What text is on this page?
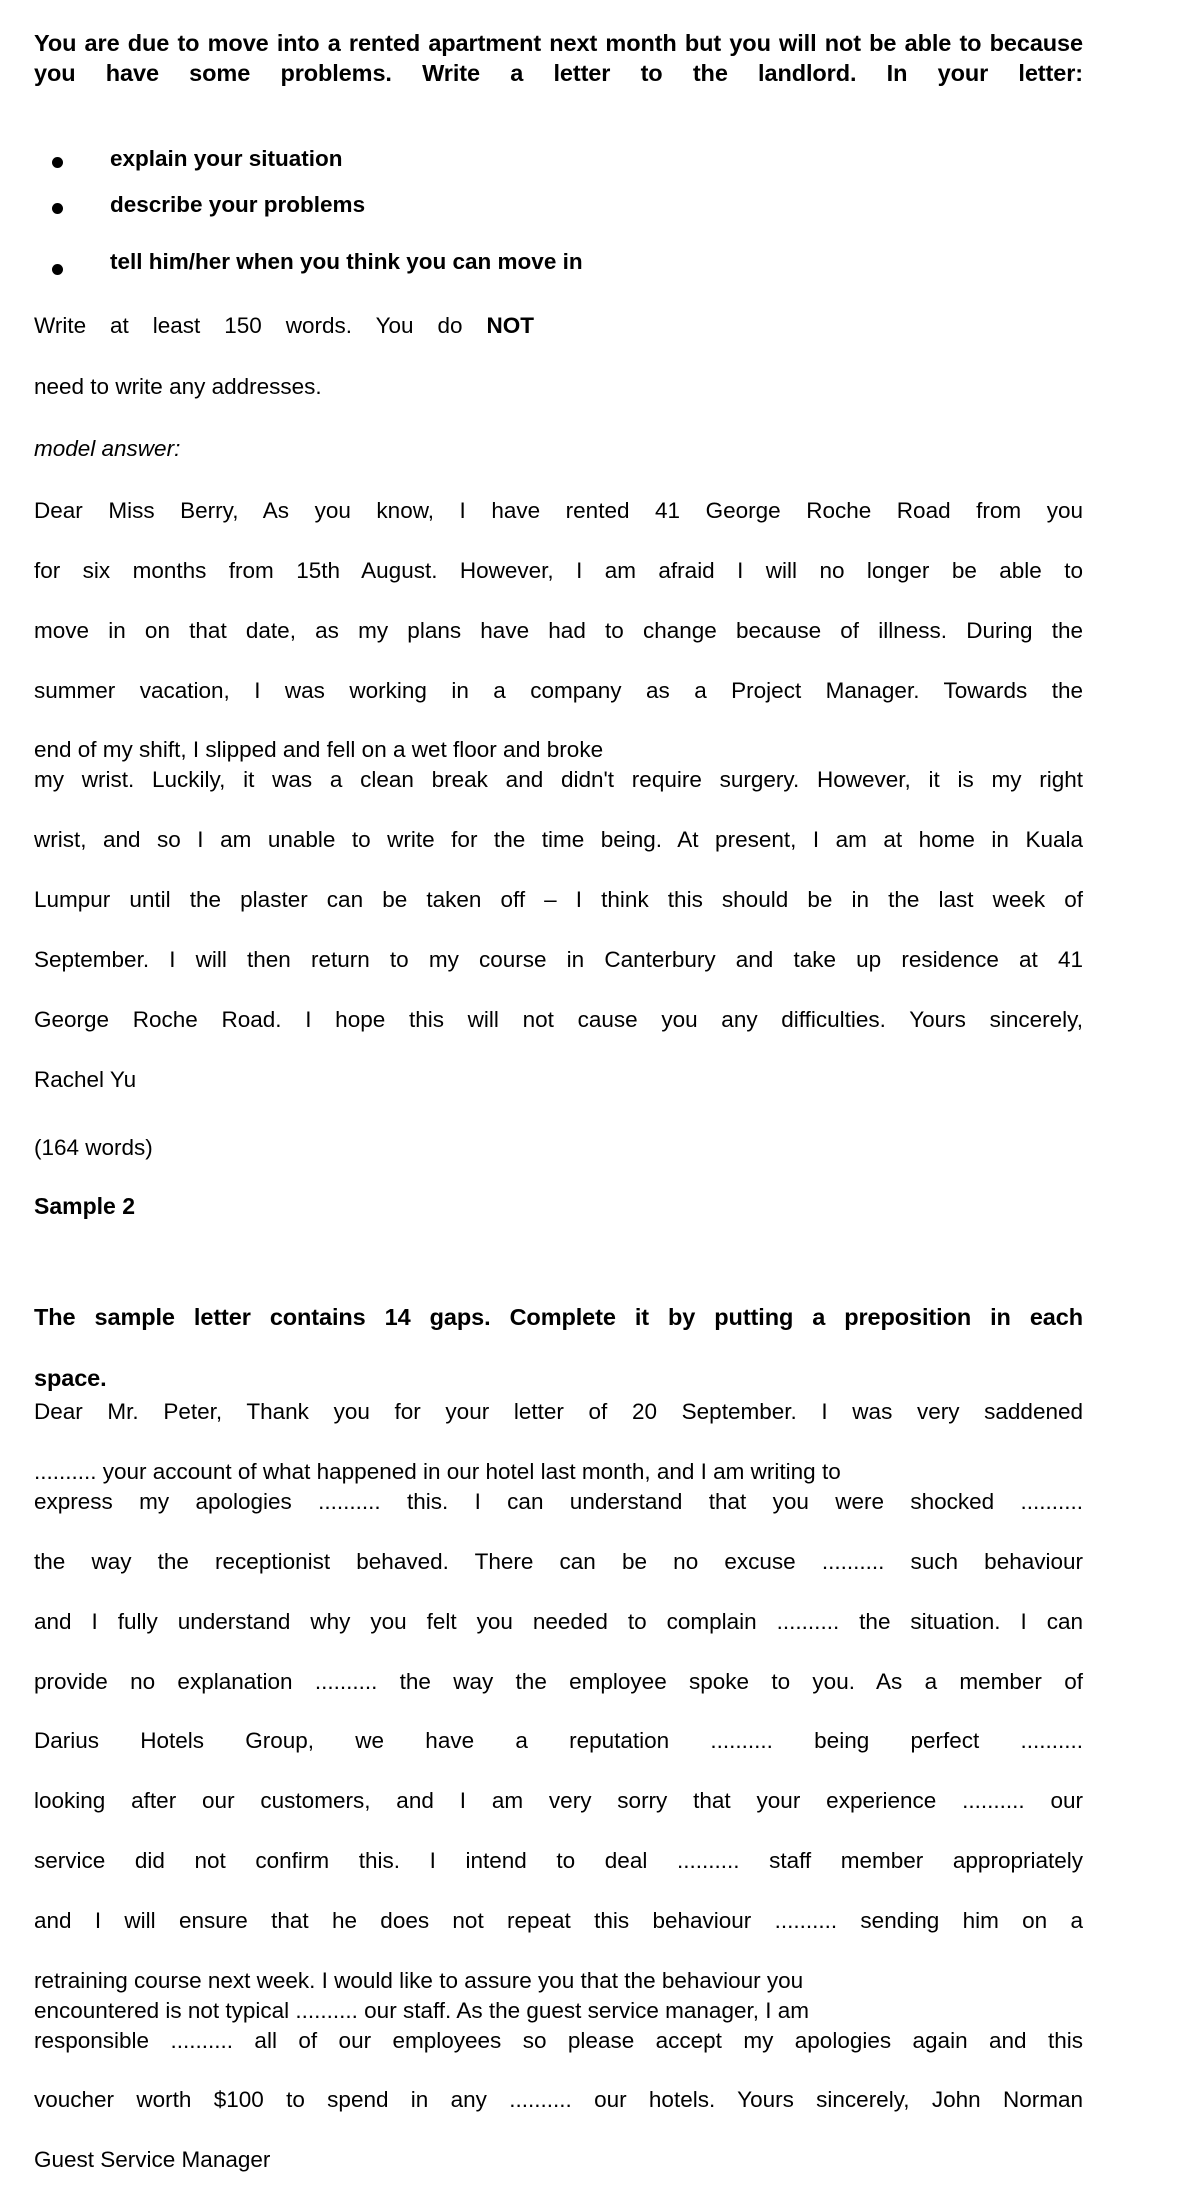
You are due to move into a rented apartment next month but you will not be able to because you have some problems. Write a letter to the landlord. In your letter:

explain your situation
describe your problems
tell him/her when you think you can move in

Write at least 150 words. You do NOT
need to write any addresses.

model answer:

Dear Miss Berry, As you know, I have rented 41 George Roche Road from you
for six months from 15th August. However, I am afraid I will no longer be able to
move in on that date, as my plans have had to change because of illness. During the
summer vacation, I was working in a company as a Project Manager. Towards the
end of my shift, I slipped and fell on a wet floor and broke
my wrist. Luckily, it was a clean break and didn't require surgery. However, it is my right
wrist, and so I am unable to write for the time being. At present, I am at home in Kuala
Lumpur until the plaster can be taken off – I think this should be in the last week of
September. I will then return to my course in Canterbury and take up residence at 41
George Roche Road. I hope this will not cause you any difficulties. Yours sincerely,
Rachel Yu

(164 words)

Sample 2

The sample letter contains 14 gaps. Complete it by putting a preposition in each
space.
Dear Mr. Peter, Thank you for your letter of 20 September. I was very saddened
.......... your account of what happened in our hotel last month, and I am writing to
express my apologies .......... this. I can understand that you were shocked ..........
the way the receptionist behaved. There can be no excuse .......... such behaviour
and I fully understand why you felt you needed to complain .......... the situation. I can
provide no explanation .......... the way the employee spoke to you. As a member of
Darius Hotels Group, we have a reputation .......... being perfect ..........
looking after our customers, and I am very sorry that your experience .......... our
service did not confirm this. I intend to deal .......... staff member appropriately
and I will ensure that he does not repeat this behaviour .......... sending him on a
retraining course next week. I would like to assure you that the behaviour you
encountered is not typical .......... our staff. As the guest service manager, I am
responsible .......... all of our employees so please accept my apologies again and this
voucher worth $100 to spend in any .......... our hotels. Yours sincerely, John Norman
Guest Service Manager
